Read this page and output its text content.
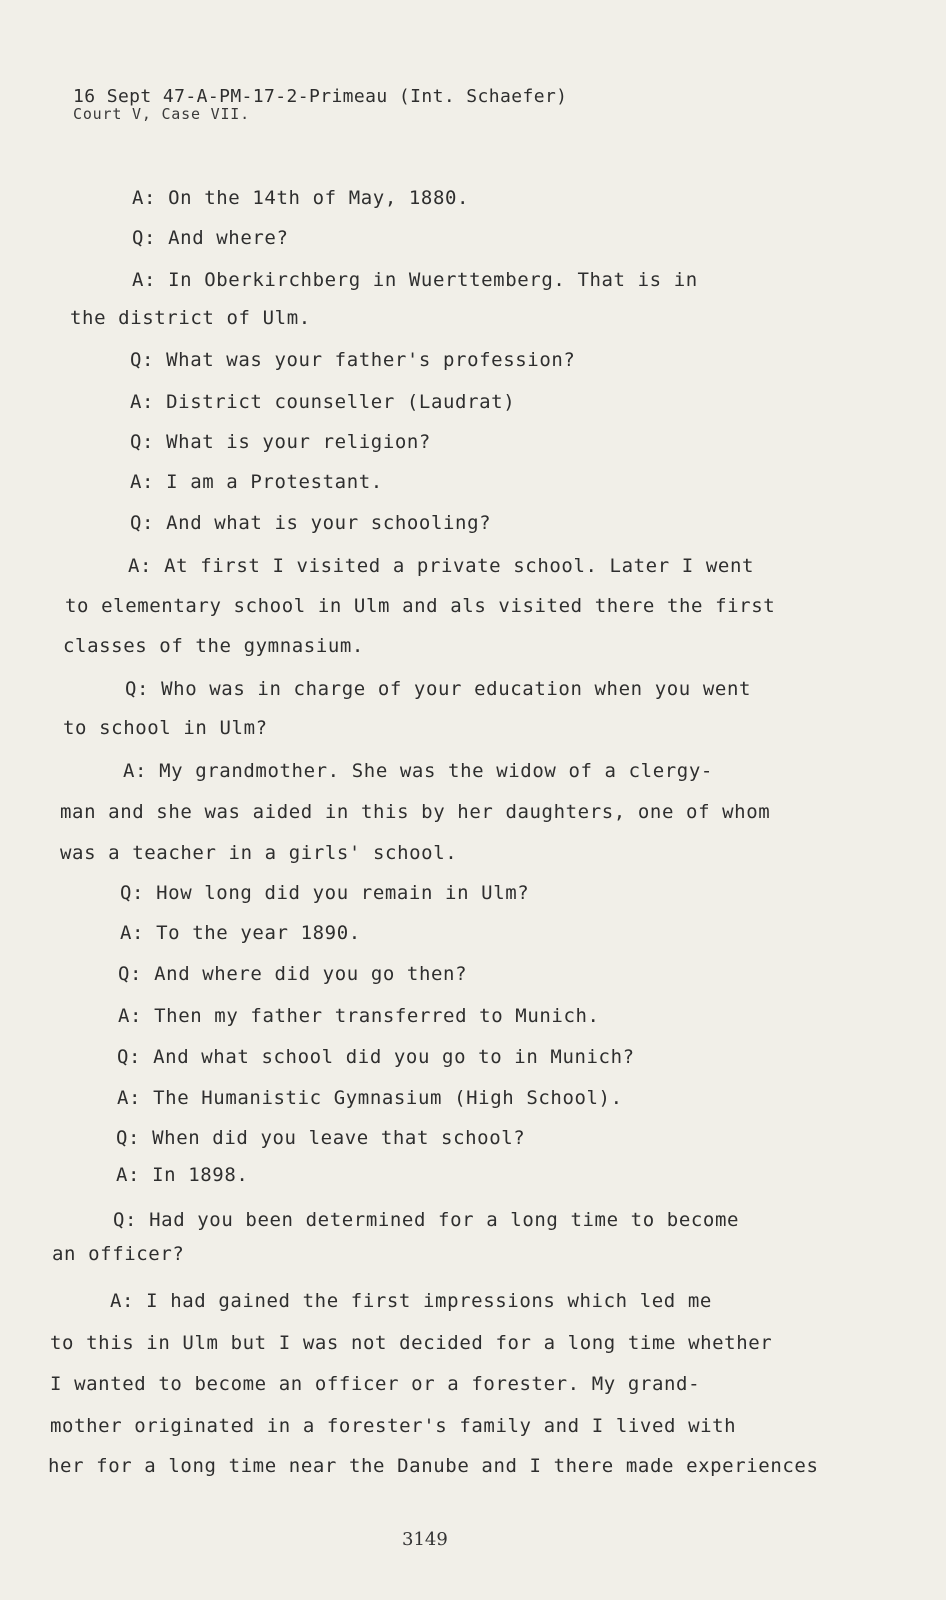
16 Sept 47-A-PM-17-2-Primeau (Int. Schaefer)
Court V, Case VII.
A: On the 14th of May, 1880.
Q: And where?
A: In Oberkirchberg in Wuerttemberg. That is in
the district of Ulm.
Q: What was your father's profession?
A: District counseller (Laudrat)
Q: What is your religion?
A: I am a Protestant.
Q: And what is your schooling?
A: At first I visited a private school. Later I went
to elementary school in Ulm and als visited there the first
classes of the gymnasium.
Q: Who was in charge of your education when you went
to school in Ulm?
A: My grandmother. She was the widow of a clergy-
man and she was aided in this by her daughters, one of whom
was a teacher in a girls' school.
Q: How long did you remain in Ulm?
A: To the year 1890.
Q: And where did you go then?
A: Then my father transferred to Munich.
Q: And what school did you go to in Munich?
A: The Humanistic Gymnasium (High School).
Q: When did you leave that school?
A: In 1898.
Q: Had you been determined for a long time to become
an officer?
A: I had gained the first impressions which led me
to this in Ulm but I was not decided for a long time whether
I wanted to become an officer or a forester. My grand-
mother originated in a forester's family and I lived with
her for a long time near the Danube and I there made experiences
3149
